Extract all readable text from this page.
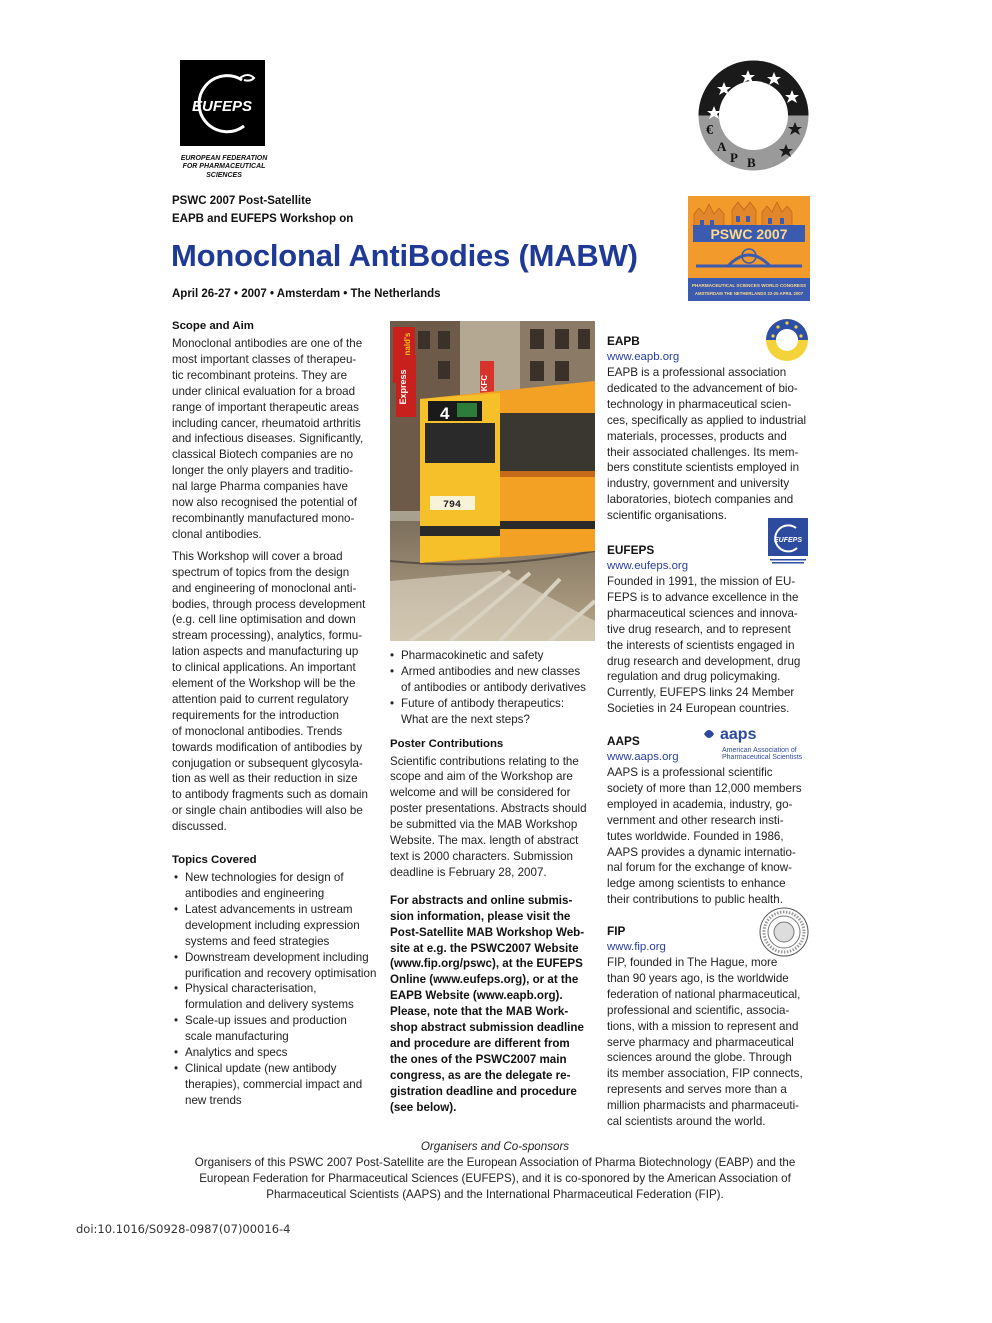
EUFEPS
EUROPEAN FEDERATION
FOR PHARMACEUTICAL
SCIENCES
€
A
P B
PSWC 2007 Post-Satellite
EAPB and EUFEPS Workshop on
Monoclonal AntiBodies (MABW)
April 26-27 • 2007 • Amsterdam • The Netherlands
PSWC 2007
PHARMACEUTICAL SCIENCES WORLD CONGRESS
AMSTERDAM THE NETHERLANDS 22-25 APRIL 2007
Scope and Aim
Monoclonal antibodies are one of the
most important classes of therapeu-
tic recombinant proteins. They are
under clinical evaluation for a broad
range of important therapeutic areas
including cancer, rheumatoid arthritis
and infectious diseases. Significantly,
classical Biotech companies are no
longer the only players and traditio-
nal large Pharma companies have
now also recognised the potential of
recombinantly manufactured mono-
clonal antibodies.
This Workshop will cover a broad
spectrum of topics from the design
and engineering of monoclonal anti-
bodies, through process development
(e.g. cell line optimisation and down
stream processing), analytics, formu-
lation aspects and manufacturing up
to clinical applications. An important
element of the Workshop will be the
attention paid to current regulatory
requirements for the introduction
of monoclonal antibodies. Trends
towards modification of antibodies by
conjugation or subsequent glycosyla-
tion as well as their reduction in size
to antibody fragments such as domain
or single chain antibodies will also be
discussed.
Topics Covered
• New technologies for design of
antibodies and engineering
• Latest advancements in ustream
development including expression
systems and feed strategies
• Downstream development including
purification and recovery optimisation
• Physical characterisation,
formulation and delivery systems
• Scale-up issues and production
scale manufacturing
• Analytics and specs
• Clinical update (new antibody
therapies), commercial impact and
new trends
Express	KFC
4
794
• Pharmacokinetic and safety
• Armed antibodies and new classes
of antibodies or antibody derivatives
• Future of antibody therapeutics:
What are the next steps?
Poster Contributions
Scientific contributions relating to the
scope and aim of the Workshop are
welcome and will be considered for
poster presentations. Abstracts should
be submitted via the MAB Workshop
Website. The max. length of abstract
text is 2000 characters. Submission
deadline is February 28, 2007.
For abstracts and online submis-
sion information, please visit the
Post-Satellite MAB Workshop Web-
site at e.g. the PSWC2007 Website
(www.fip.org/pswc), at the EUFEPS
Online (www.eufeps.org), or at the
EAPB Website (www.eapb.org).
Please, note that the MAB Work-
shop abstract submission deadline
and procedure are different from
the ones of the PSWC2007 main
congress, as are the delegate re-
gistration deadline and procedure
(see below).
EAPB
www.eapb.org
EAPB is a professional association
dedicated to the advancement of bio-
technology in pharmaceutical scien-
ces, specifically as applied to industrial
materials, processes, products and
their associated challenges. Its mem-
bers constitute scientists employed in
industry, government and university
laboratories, biotech companies and
scientific organisations.
EUFEPS
www.eufeps.org
Founded in 1991, the mission of EU-
FEPS is to advance excellence in the
pharmaceutical sciences and innova-
tive drug research, and to represent
the interests of scientists engaged in
drug research and development, drug
regulation and drug policymaking.
Currently, EUFEPS links 24 Member
Societies in 24 European countries.
EUFEPS
AAPS
www.aaps.org
AAPS is a professional scientific
society of more than 12,000 members
employed in academia, industry, go-
vernment and other research insti-
tutes worldwide. Founded in 1986,
AAPS provides a dynamic internatio-
nal forum for the exchange of know-
ledge among scientists to enhance
their contributions to public health.
aaps
American Association of
Pharmaceutical Scientists
FIP
www.fip.org
FIP, founded in The Hague, more
than 90 years ago, is the worldwide
federation of national pharmaceutical,
professional and scientific, associa-
tions, with a mission to represent and
serve pharmacy and pharmaceutical
sciences around the globe. Through
its member association, FIP connects,
represents and serves more than a
million pharmacists and pharmaceuti-
cal scientists around the world.
Organisers and Co-sponsors
Organisers of this PSWC 2007 Post-Satellite are the European Association of Pharma Biotechnology (EABP) and the
European Federation for Pharmaceutical Sciences (EUFEPS), and it is co-sponored by the American Association of
Pharmaceutical Scientists (AAPS) and the International Pharmaceutical Federation (FIP).
doi:10.1016/S0928-0987(07)00016-4
